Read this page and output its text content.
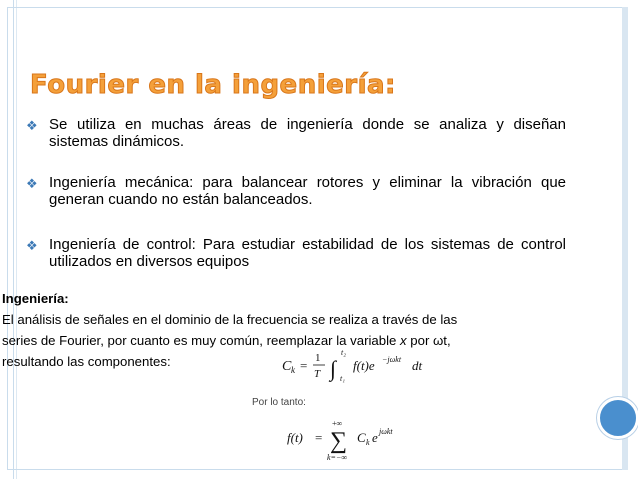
Fourier en la ingeniería:
❖ Se utiliza en muchas áreas de ingeniería donde se analiza y diseñan sistemas dinámicos.
❖ Ingeniería mecánica: para balancear rotores y eliminar la vibración que generan cuando no están balanceados.
❖ Ingeniería de control: Para estudiar estabilidad de los sistemas de control utilizados en diversos equipos
Ingeniería:
El análisis de señales en el dominio de la frecuencia se realiza a través de las
series de Fourier, por cuanto es muy común, reemplazar la variable x por ωt,
resultando las componentes:	C k = 1
T ∫
t₂
t₁
f(t)e −jωkt dt
Por lo tanto:
f(t) =
+∞
∑
k=−∞
C k e jωkt
